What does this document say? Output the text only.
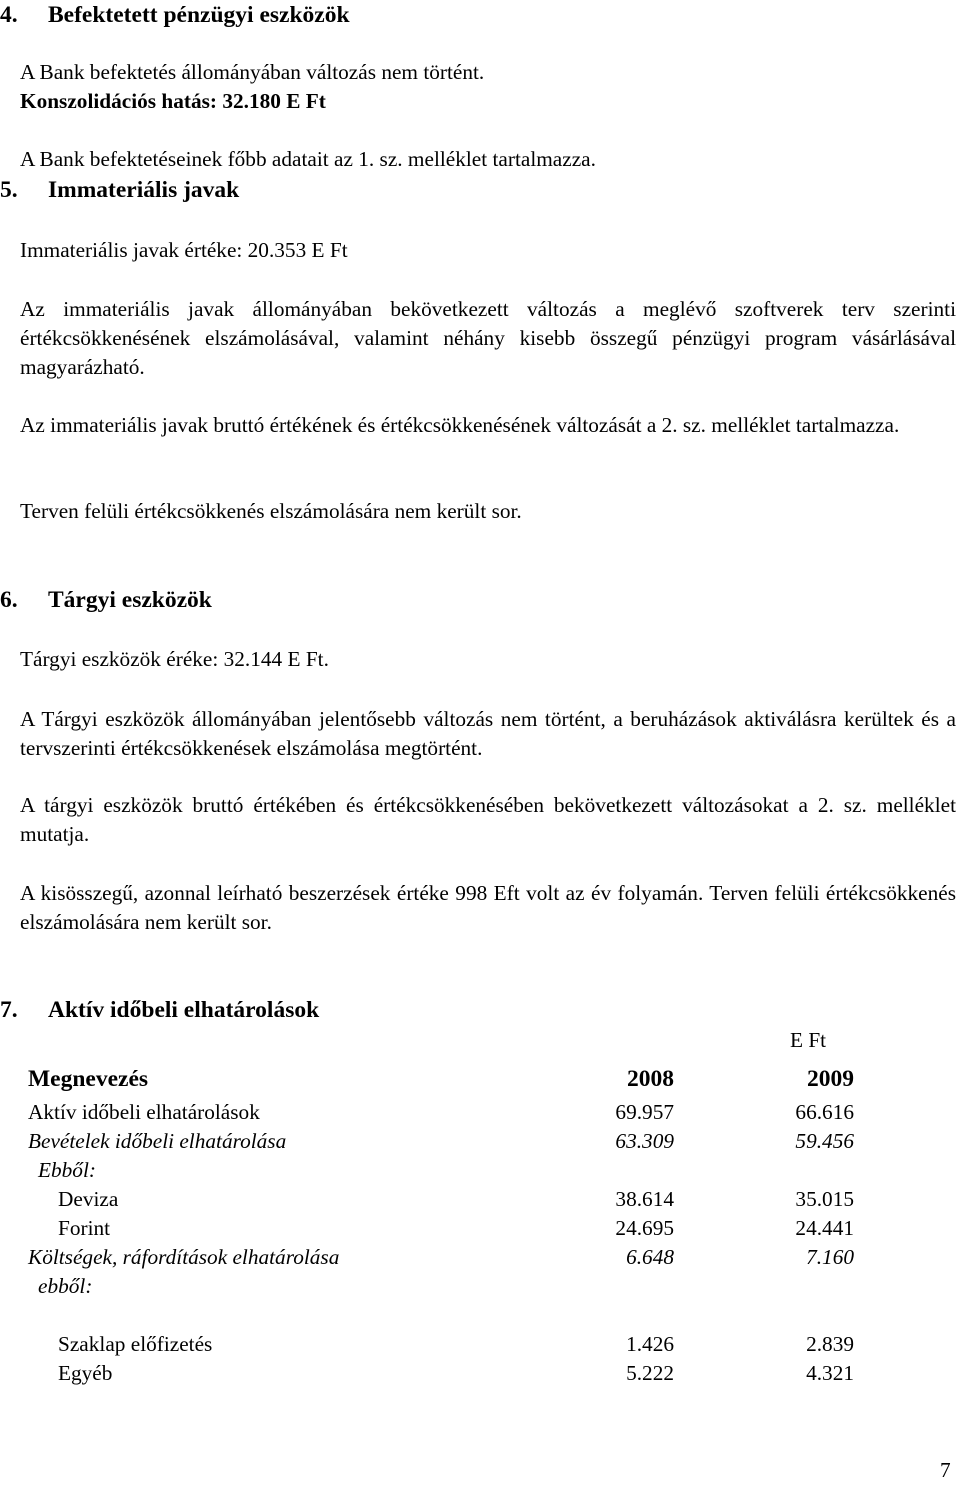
4. Befektetett pénzügyi eszközök
A Bank befektetés állományában változás nem történt.
Konszolidációs hatás: 32.180 E Ft
A Bank befektetéseinek főbb adatait az 1. sz. melléklet tartalmazza.
5. Immateriális javak
Immateriális javak értéke: 20.353 E Ft
Az immateriális javak állományában bekövetkezett változás a meglévő szoftverek terv szerinti értékcsökkenésének elszámolásával, valamint néhány kisebb összegű pénzügyi program vásárlásával magyarázható.
Az immateriális javak bruttó értékének és értékcsökkenésének változását a 2. sz. melléklet tartalmazza.
Terven felüli értékcsökkenés elszámolására nem került sor.
6. Tárgyi eszközök
Tárgyi eszközök éréke: 32.144 E Ft.
A Tárgyi eszközök állományában jelentősebb változás nem történt, a beruházások aktiválásra kerültek és a tervszerinti értékcsökkenések elszámolása megtörtént.
A tárgyi eszközök bruttó értékében és értékcsökkenésében bekövetkezett változásokat a 2. sz. melléklet mutatja.
A kisösszegű, azonnal leírható beszerzések értéke 998 Eft volt az év folyamán. Terven felüli értékcsökkenés elszámolására nem került sor.
7. Aktív időbeli elhatárolások
E Ft
Megnevezés	2008	2009
Aktív időbeli elhatárolások	69.957	66.616
Bevételek időbeli elhatárolása	63.309	59.456
Ebből:		
Deviza	38.614	35.015
Forint	24.695	24.441
Költségek, ráfordítások elhatárolása	6.648	7.160
ebből:		

Szaklap előfizetés	1.426	2.839
Egyéb	5.222	4.321
7
